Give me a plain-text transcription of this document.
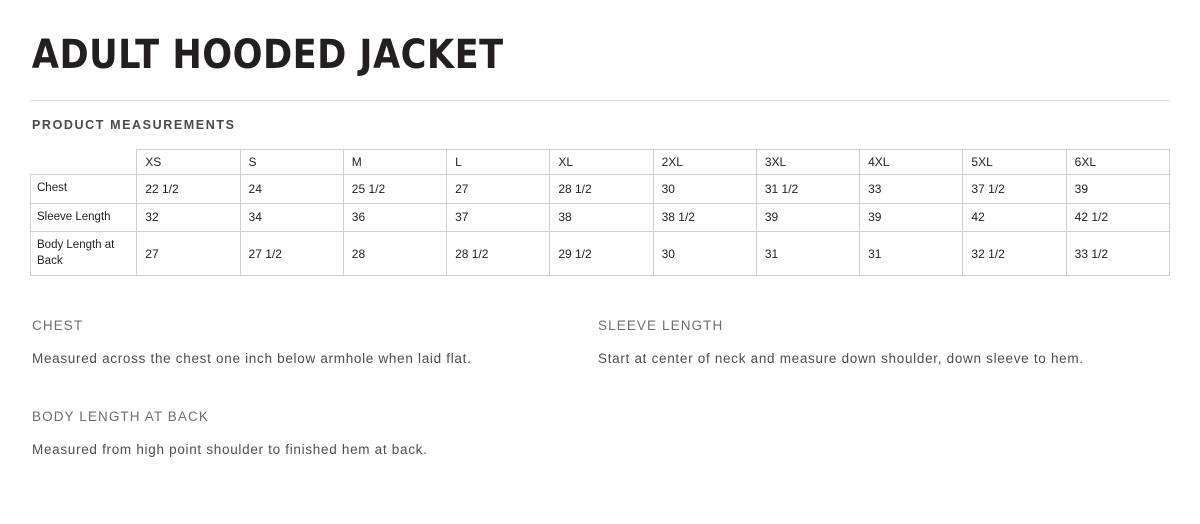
ADULT HOODED JACKET
PRODUCT MEASUREMENTS
	XS	S	M	L	XL	2XL	3XL	4XL	5XL	6XL
Chest	22 1/2	24	25 1/2	27	28 1/2	30	31 1/2	33	37 1/2	39
Sleeve Length	32	34	36	37	38	38 1/2	39	39	42	42 1/2
Body Length at Back	27	27 1/2	28	28 1/2	29 1/2	30	31	31	32 1/2	33 1/2
CHEST
Measured across the chest one inch below armhole when laid flat.
SLEEVE LENGTH
Start at center of neck and measure down shoulder, down sleeve to hem.
BODY LENGTH AT BACK
Measured from high point shoulder to finished hem at back.
